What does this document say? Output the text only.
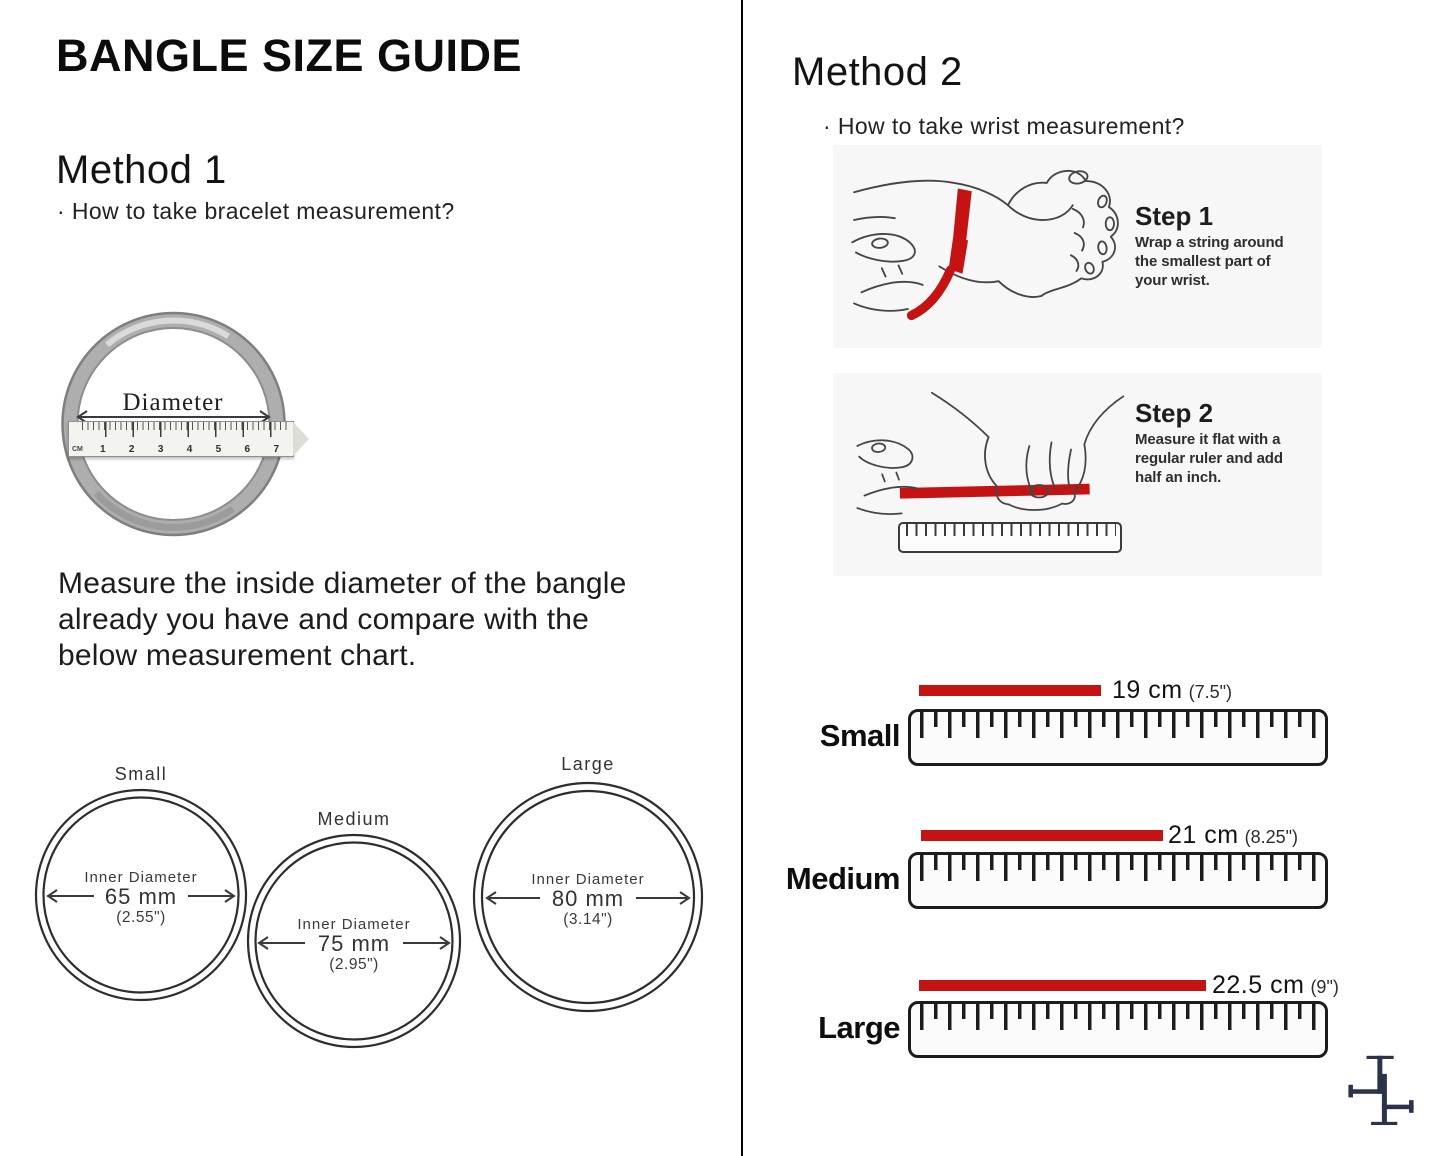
BANGLE SIZE GUIDE
Method 1
· How to take bracelet measurement?
Diameter
CM 1 2 3 4 5 6 7

Measure the inside diameter of the bangle already you have and compare with the below measurement chart.

Small
Inner Diameter
65 mm
(2.55")
Medium
Inner Diameter
75 mm
(2.95")
Large
Inner Diameter
80 mm
(3.14")
Method 2
· How to take wrist measurement?
Step 1
Wrap a string around the smallest part of your wrist.
Step 2
Measure it flat with a regular ruler and add half an inch.
Small
19 cm (7.5")
Medium
21 cm (8.25")
Large
22.5 cm (9")
